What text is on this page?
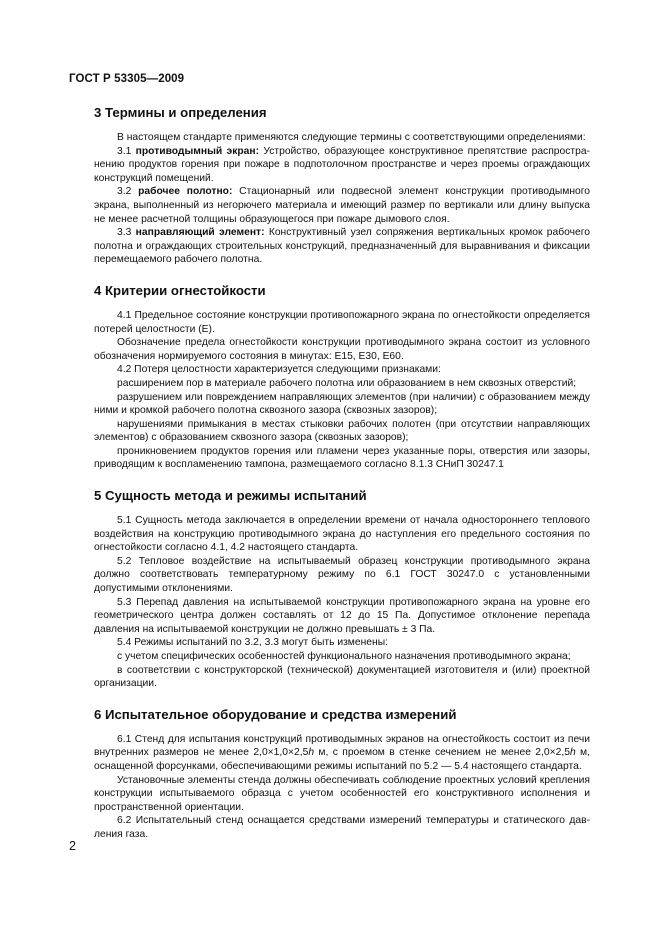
ГОСТ Р 53305—2009
3 Термины и определения

В настоящем стандарте применяются следующие термины с соответствующими определениями:

3.1 противодымный экран: Устройство, образующее конструктивное препятствие распространению продуктов горения при пожаре в подпотолочном пространстве и через проемы ограждающих конструкций помещений.

3.2 рабочее полотно: Стационарный или подвесной элемент конструкции противодымного экрана, выполненный из негорючего материала и имеющий размер по вертикали или длину выпуска не менее расчетной толщины образующегося при пожаре дымового слоя.

3.3 направляющий элемент: Конструктивный узел сопряжения вертикальных кромок рабочего полотна и ограждающих строительных конструкций, предназначенный для выравнивания и фиксации перемещаемого рабочего полотна.

4 Критерии огнестойкости

4.1 Предельное состояние конструкции противопожарного экрана по огнестойкости определяется потерей целостности (Е).

Обозначение предела огнестойкости конструкции противодымного экрана состоит из условного обозначения нормируемого состояния в минутах: Е15, Е30, Е60.

4.2 Потеря целостности характеризуется следующими признаками:

расширением пор в материале рабочего полотна или образованием в нем сквозных отверстий;

разрушением или повреждением направляющих элементов (при наличии) с образованием между ними и кромкой рабочего полотна сквозного зазора (сквозных зазоров);

нарушениями примыкания в местах стыковки рабочих полотен (при отсутствии направляющих элементов) с образованием сквозного зазора (сквозных зазоров);

проникновением продуктов горения или пламени через указанные поры, отверстия или зазоры, приводящим к воспламенению тампона, размещаемого согласно 8.1.3 СНиП 30247.1

5 Сущность метода и режимы испытаний

5.1 Сущность метода заключается в определении времени от начала одностороннего теплового воздействия на конструкцию противодымного экрана до наступления его предельного состояния по огнестойкости согласно 4.1, 4.2 настоящего стандарта.

5.2 Тепловое воздействие на испытываемый образец конструкции противодымного экрана должно соответствовать температурному режиму по 6.1 ГОСТ 30247.0 с установленными допустимыми отклонениями.

5.3 Перепад давления на испытываемой конструкции противопожарного экрана на уровне его геометрического центра должен составлять от 12 до 15 Па. Допустимое отклонение перепада давления на испытываемой конструкции не должно превышать ± 3 Па.

5.4 Режимы испытаний по 3.2, 3.3 могут быть изменены:

с учетом специфических особенностей функционального назначения противодымного экрана;

в соответствии с конструкторской (технической) документацией изготовителя и (или) проектной организации.

6 Испытательное оборудование и средства измерений

6.1 Стенд для испытания конструкций противодымных экранов на огнестойкость состоит из печи внутренних размеров не менее 2,0×1,0×2,5h м, с проемом в стенке сечением не менее 2,0×2,5h м, оснащенной форсунками, обеспечивающими режимы испытаний по 5.2 — 5.4 настоящего стандарта.

Установочные элементы стенда должны обеспечивать соблюдение проектных условий крепления конструкции испытываемого образца с учетом особенностей его конструктивного исполнения и пространственной ориентации.

6.2 Испытательный стенд оснащается средствами измерений температуры и статического давления газа.

2
